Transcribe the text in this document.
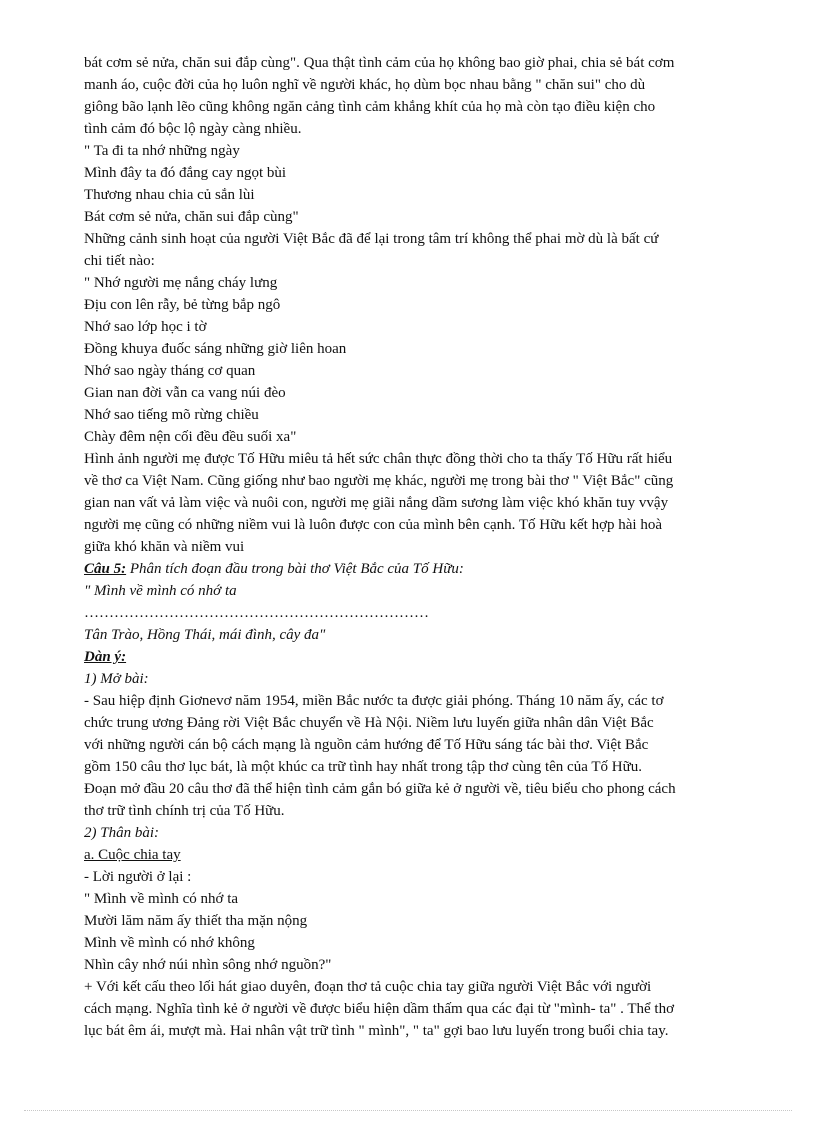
bát cơm sẻ nửa, chăn sui đắp cùng". Qua thật tình cảm của họ không bao giờ phai, chia sẻ bát cơm
manh áo, cuộc đời của họ luôn nghĩ về người khác, họ dùm bọc nhau bằng " chăn sui" cho dù
giông bão lạnh lẽo cũng không ngăn cảng tình cảm khắng khít của họ mà còn tạo điều kiện cho
tình cảm đó bộc lộ ngày càng nhiều.
" Ta đi ta nhớ những ngày
Mình đây ta đó đắng cay ngọt bùi
Thương nhau chia củ sắn lùi
Bát cơm sẻ nửa, chăn sui đắp cùng"
Những cảnh sinh hoạt của người Việt Bắc đã để lại trong tâm trí không thể phai mờ dù là bất cứ
chi tiết nào:
" Nhớ người mẹ nắng cháy lưng
Địu con lên rẫy, bẻ từng bắp ngô
Nhớ sao lớp học i tờ
Đồng khuya đuốc sáng những giờ liên hoan
Nhớ sao ngày tháng cơ quan
Gian nan đời vẫn ca vang núi đèo
Nhớ sao tiếng mõ rừng chiều
Chày đêm nện cối đều đều suối xa"
Hình ảnh người mẹ được Tố Hữu miêu tả hết sức chân thực đồng thời cho ta thấy Tố Hữu rất hiểu
về thơ ca Việt Nam. Cũng giống như bao người mẹ khác, người mẹ trong bài thơ " Việt Bắc" cũng
gian nan vất vả làm việc và nuôi con, người mẹ giãi nắng dầm sương làm việc khó khăn tuy vvậy
người mẹ cũng có những niềm vui là luôn được con của mình bên cạnh. Tố Hữu kết hợp hài hoà
giữa khó khăn và niềm vui
Câu 5: Phân tích đoạn đầu trong bài thơ Việt Bắc của Tố Hữu:
" Mình về mình có nhớ ta
……………………………………………………………
Tân Trào, Hồng Thái, mái đình, cây đa"
Dàn ý:
1) Mở bài:
- Sau hiệp định Giơnevơ năm 1954, miền Bắc nước ta được giải phóng. Tháng 10 năm ấy, các tơ
chức trung ương Đảng rời Việt Bắc chuyển về Hà Nội. Niềm lưu luyến giữa nhân dân Việt Bắc
với những người cán bộ cách mạng là nguồn cảm hướng để Tố Hữu sáng tác bài thơ. Việt Bắc
gồm 150 câu thơ lục bát, là một khúc ca trữ tình hay nhất trong tập thơ cùng tên của Tố Hữu.
Đoạn mở đầu 20 câu thơ đã thể hiện tình cảm gắn bó giữa kẻ ở người về, tiêu biểu cho phong cách
thơ trữ tình chính trị của Tố Hữu.
2) Thân bài:
a. Cuộc chia tay
- Lời người ở lại :
" Mình về mình có nhớ ta
Mười lăm năm ấy thiết tha mặn nộng
Mình về mình có nhớ không
Nhìn cây nhớ núi nhìn sông nhớ nguồn?"
+ Với kết cấu theo lối hát giao duyên, đoạn thơ tả cuộc chia tay giữa người Việt Bắc với người
cách mạng. Nghĩa tình kẻ ở người về được biểu hiện dầm thấm qua các đại từ "mình- ta" . Thể thơ
lục bát êm ái, mượt mà. Hai nhân vật trữ tình " mình", " ta" gợi bao lưu luyến trong buổi chia tay.
